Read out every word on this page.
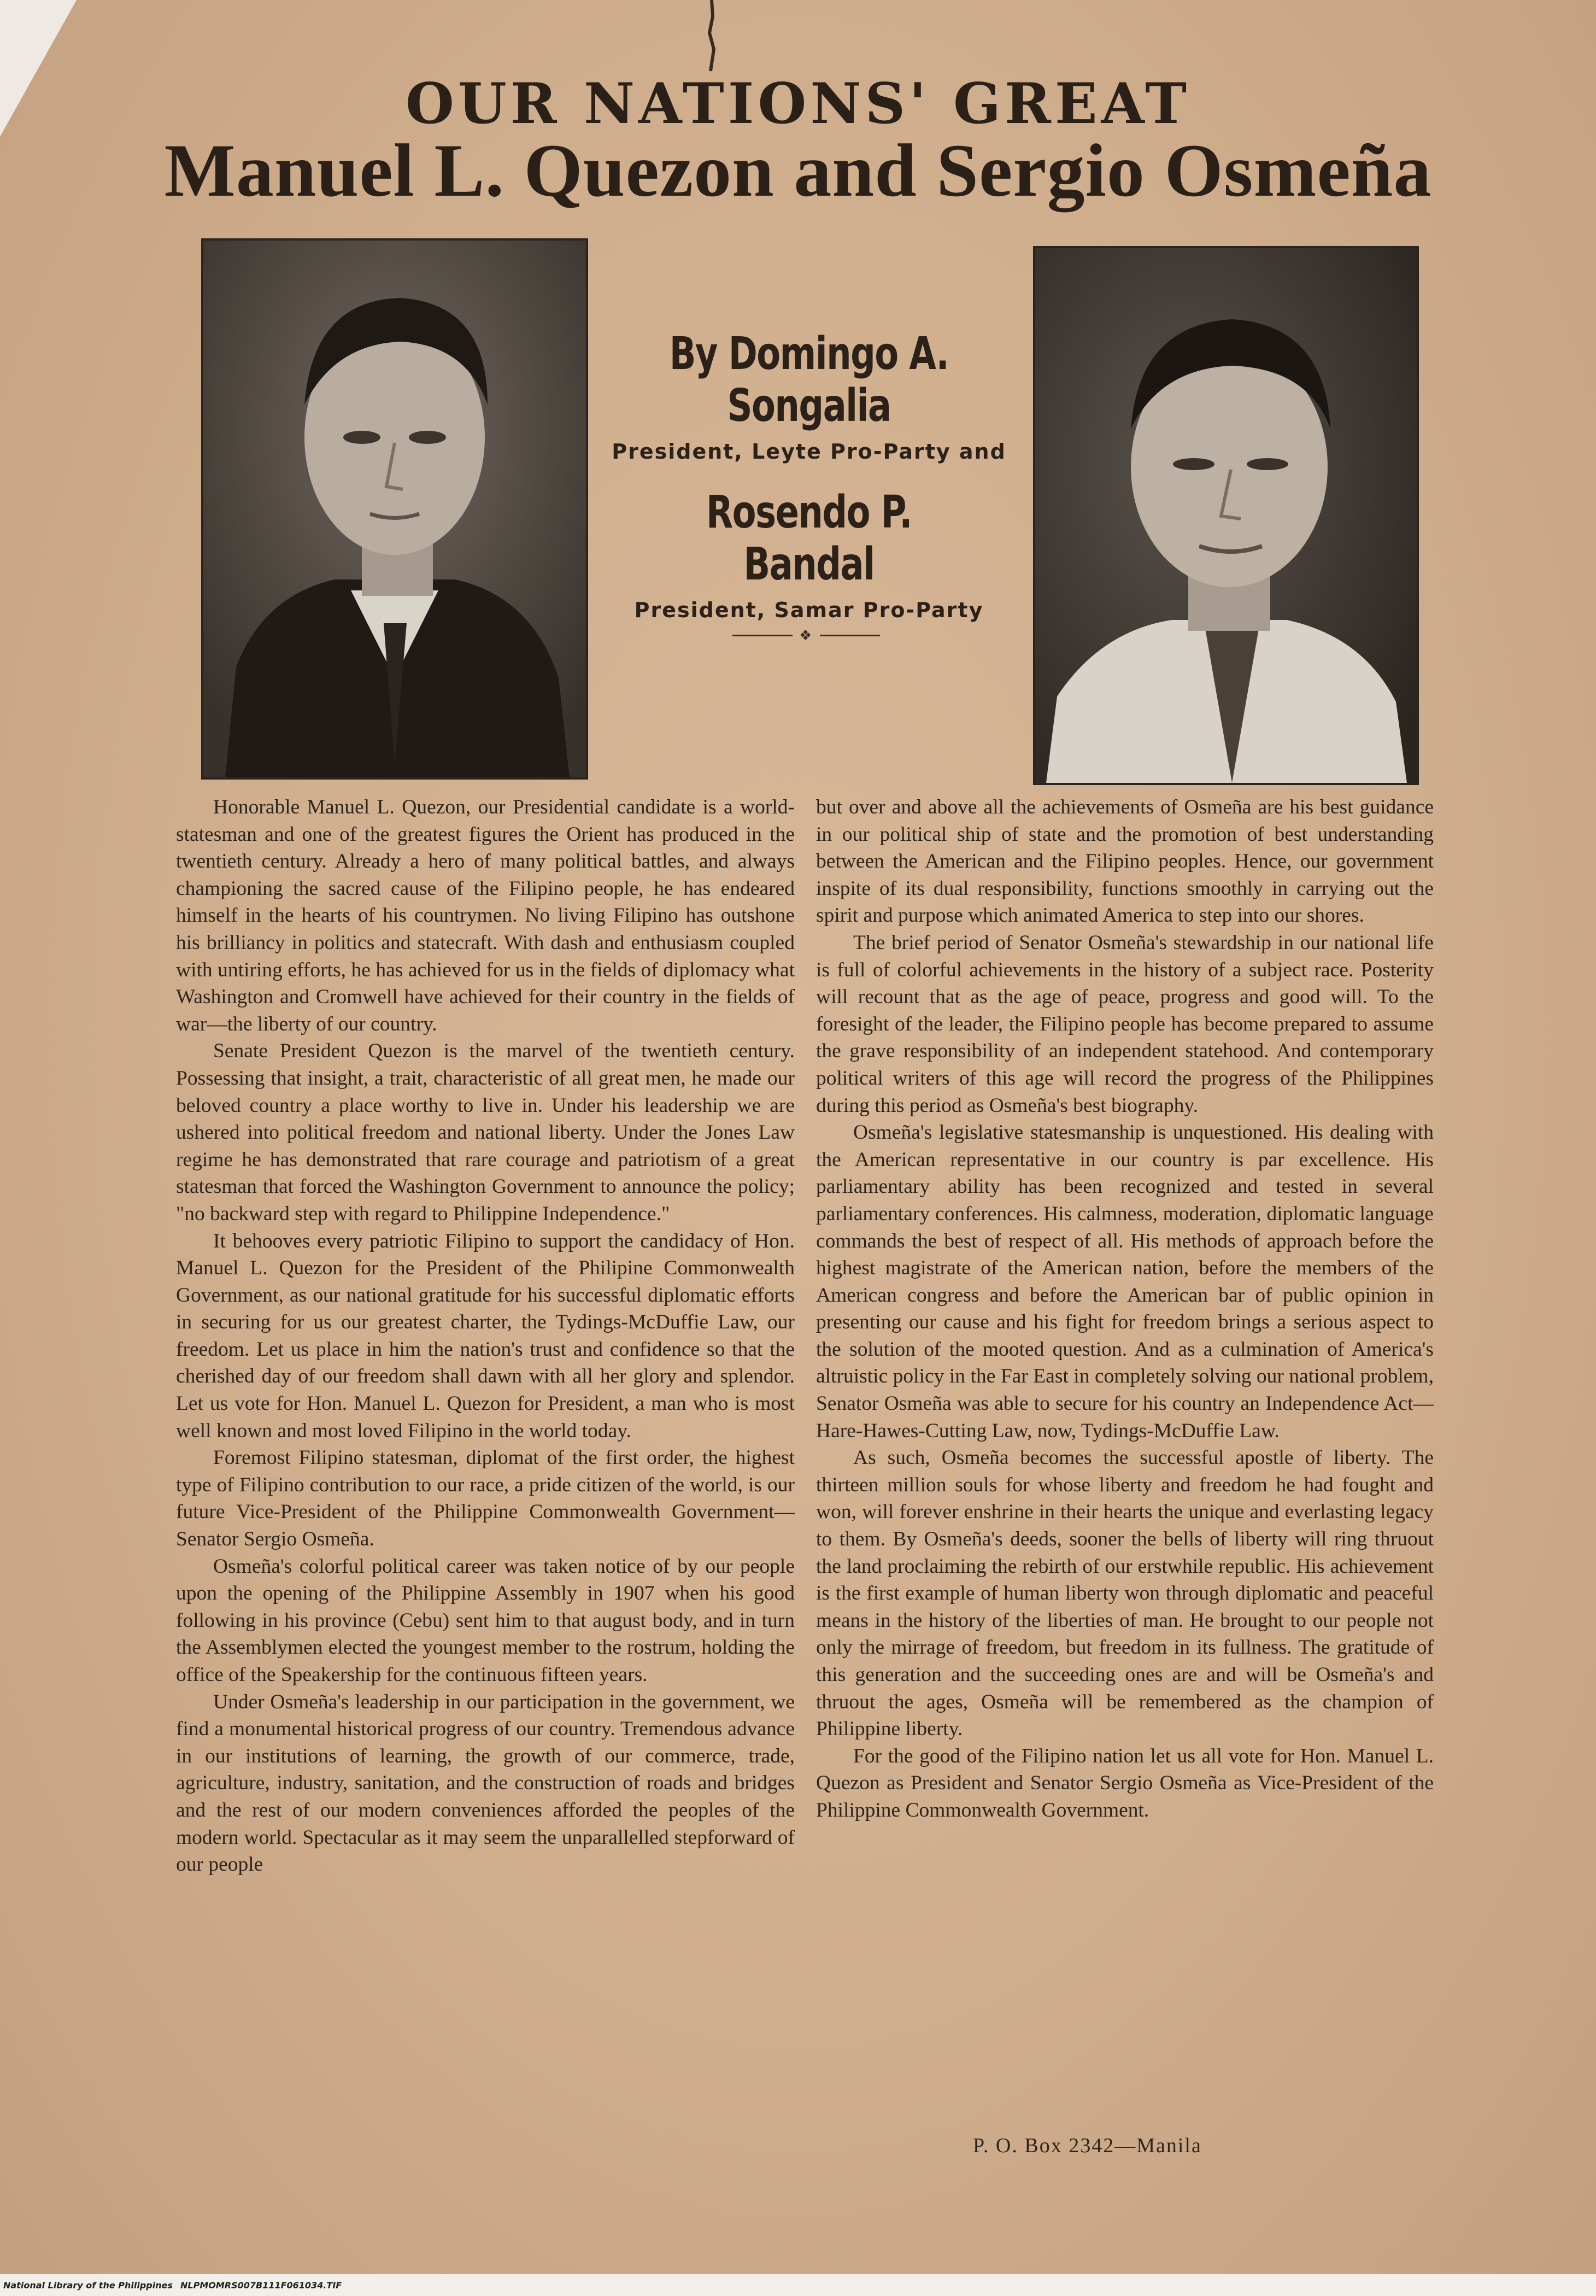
OUR NATIONS' GREAT
Manuel L. Quezon and Sergio Osmeña
By Domingo A. Songalia
President, Leyte Pro-Party and
Rosendo P. Bandal
President, Samar Pro-Party
❖

Honorable Manuel L. Quezon, our Presidential candidate is a world-statesman and one of the greatest figures the Orient has produced in the twentieth century. Already a hero of many political battles, and always championing the sacred cause of the Filipino people, he has endeared himself in the hearts of his countrymen. No living Filipino has outshone his brilliancy in politics and statecraft. With dash and enthusiasm coupled with untiring efforts, he has achieved for us in the fields of diplomacy what Washington and Cromwell have achieved for their country in the fields of war—the liberty of our country.

Senate President Quezon is the marvel of the twentieth century. Possessing that insight, a trait, characteristic of all great men, he made our beloved country a place worthy to live in. Under his leadership we are ushered into political freedom and national liberty. Under the Jones Law regime he has demonstrated that rare courage and patriotism of a great statesman that forced the Washington Government to announce the policy; "no backward step with regard to Philippine Independence."

It behooves every patriotic Filipino to support the candidacy of Hon. Manuel L. Quezon for the President of the Philipine Commonwealth Government, as our national gratitude for his successful diplomatic efforts in securing for us our greatest charter, the Tydings-McDuffie Law, our freedom. Let us place in him the nation's trust and confidence so that the cherished day of our freedom shall dawn with all her glory and splendor. Let us vote for Hon. Manuel L. Quezon for President, a man who is most well known and most loved Filipino in the world today.

Foremost Filipino statesman, diplomat of the first order, the highest type of Filipino contribution to our race, a pride citizen of the world, is our future Vice-President of the Philippine Commonwealth Government—Senator Sergio Osmeña.

Osmeña's colorful political career was taken notice of by our people upon the opening of the Philippine Assembly in 1907 when his good following in his province (Cebu) sent him to that august body, and in turn the Assemblymen elected the youngest member to the rostrum, holding the office of the Speakership for the continuous fifteen years.

Under Osmeña's leadership in our participation in the government, we find a monumental historical progress of our country. Tremendous advance in our institutions of learning, the growth of our commerce, trade, agriculture, industry, sanitation, and the construction of roads and bridges and the rest of our modern conveniences afforded the peoples of the modern world. Spectacular as it may seem the unparallelled stepforward of our people

but over and above all the achievements of Osmeña are his best guidance in our political ship of state and the promotion of best understanding between the American and the Filipino peoples. Hence, our government inspite of its dual responsibility, functions smoothly in carrying out the spirit and purpose which animated America to step into our shores.

The brief period of Senator Osmeña's stewardship in our national life is full of colorful achievements in the history of a subject race. Posterity will recount that as the age of peace, progress and good will. To the foresight of the leader, the Filipino people has become prepared to assume the grave responsibility of an independent statehood. And contemporary political writers of this age will record the progress of the Philippines during this period as Osmeña's best biography.

Osmeña's legislative statesmanship is unquestioned. His dealing with the American representative in our country is par excellence. His parliamentary ability has been recognized and tested in several parliamentary conferences. His calmness, moderation, diplomatic language commands the best of respect of all. His methods of approach before the highest magistrate of the American nation, before the members of the American congress and before the American bar of public opinion in presenting our cause and his fight for freedom brings a serious aspect to the solution of the mooted question. And as a culmination of America's altruistic policy in the Far East in completely solving our national problem, Senator Osmeña was able to secure for his country an Independence Act—Hare-Hawes-Cutting Law, now, Tydings-McDuffie Law.

As such, Osmeña becomes the successful apostle of liberty. The thirteen million souls for whose liberty and freedom he had fought and won, will forever enshrine in their hearts the unique and everlasting legacy to them. By Osmeña's deeds, sooner the bells of liberty will ring thruout the land proclaiming the rebirth of our erstwhile republic. His achievement is the first example of human liberty won through diplomatic and peaceful means in the history of the liberties of man. He brought to our people not only the mirrage of freedom, but freedom in its fullness. The gratitude of this generation and the succeeding ones are and will be Osmeña's and thruout the ages, Osmeña will be remembered as the champion of Philippine liberty.

For the good of the Filipino nation let us all vote for Hon. Manuel L. Quezon as President and Senator Sergio Osmeña as Vice-President of the Philippine Commonwealth Government.

P. O. Box 2342—Manila
National Library of the Philippines NLPMOMRS007B111F061034.TIF
